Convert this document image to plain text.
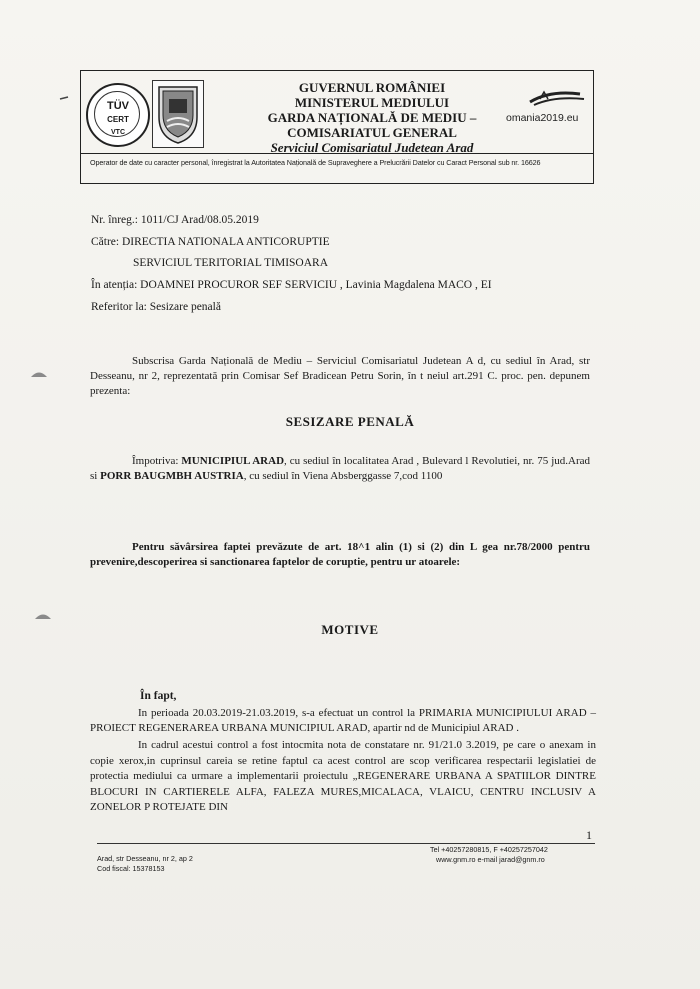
TÜV
CERT
VTC
GUVERNUL ROMÂNIEI
MINISTERUL MEDIULUI
GARDA NAȚIONALĂ DE MEDIU –
COMISARIATUL GENERAL
Serviciul Comisariatul Judetean Arad
omania2019.eu
Operator de date cu caracter personal, înregistrat la Autoritatea Națională de Supraveghere a Prelucrării Datelor cu Caract Personal sub nr. 16626
Nr. înreg.: 1011/CJ Arad/08.05.2019
Către: DIRECTIA NATIONALA ANTICORUPTIE
SERVICIUL TERITORIAL TIMISOARA
În atenția: DOAMNEI PROCUROR SEF SERVICIU , Lavinia Magdalena MACO , EI
Referitor la: Sesizare penală
Subscrisa Garda Națională de Mediu – Serviciul Comisariatul Judetean A d, cu sediul în Arad, str Desseanu, nr 2, reprezentată prin Comisar Sef Bradicean Petru Sorin, în t neiul art.291 C. proc. pen. depunem prezenta:
SESIZARE PENALĂ
Împotriva: MUNICIPIUL ARAD, cu sediul în localitatea Arad , Bulevard l Revolutiei, nr. 75 jud.Arad si PORR BAUGMBH AUSTRIA, cu sediul în Viena Absberggasse 7,cod 1100
Pentru săvârsirea faptei prevăzute de art. 18^1 alin (1) si (2) din L gea nr.78/2000 pentru prevenire,descoperirea si sanctionarea faptelor de coruptie, pentru ur atoarele:
MOTIVE
În fapt,
In perioada 20.03.2019-21.03.2019, s-a efectuat un control la PRIMARIA MUNICIPIULUI ARAD – PROIECT REGENERAREA URBANA MUNICIPIUL ARAD, apartir nd de Municipiul ARAD .
In cadrul acestui control a fost intocmita nota de constatare nr. 91/21.0 3.2019, pe care o anexam in copie xerox,in cuprinsul careia se retine faptul ca acest control are scop verificarea respectarii legislatiei de protectia mediului ca urmare a implementarii proiectulu „REGENERARE URBANA A SPATIILOR DINTRE BLOCURI IN CARTIERELE ALFA, FALEZA MURES,MICALACA, VLAICU, CENTRU INCLUSIV A ZONELOR P ROTEJATE DIN
1
Arad, str Desseanu, nr 2, ap 2
Cod fiscal: 15378153
Tel +40257280815, F +40257257042
www.gnm.ro e-mail jarad@gnm.ro
